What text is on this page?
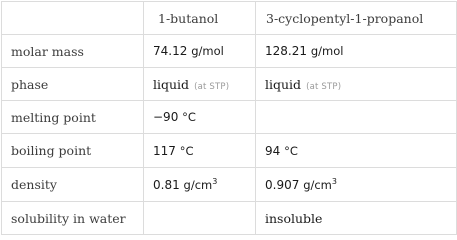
	1-butanol	3-cyclopentyl-1-propanol
molar mass	74.12 g/mol	128.21 g/mol
phase	liquid (at STP)	liquid (at STP)
melting point	−90 °C	
boiling point	117 °C	94 °C
density	0.81 $g/cm^3$	0.907 $g/cm^3$
solubility in water		insoluble
